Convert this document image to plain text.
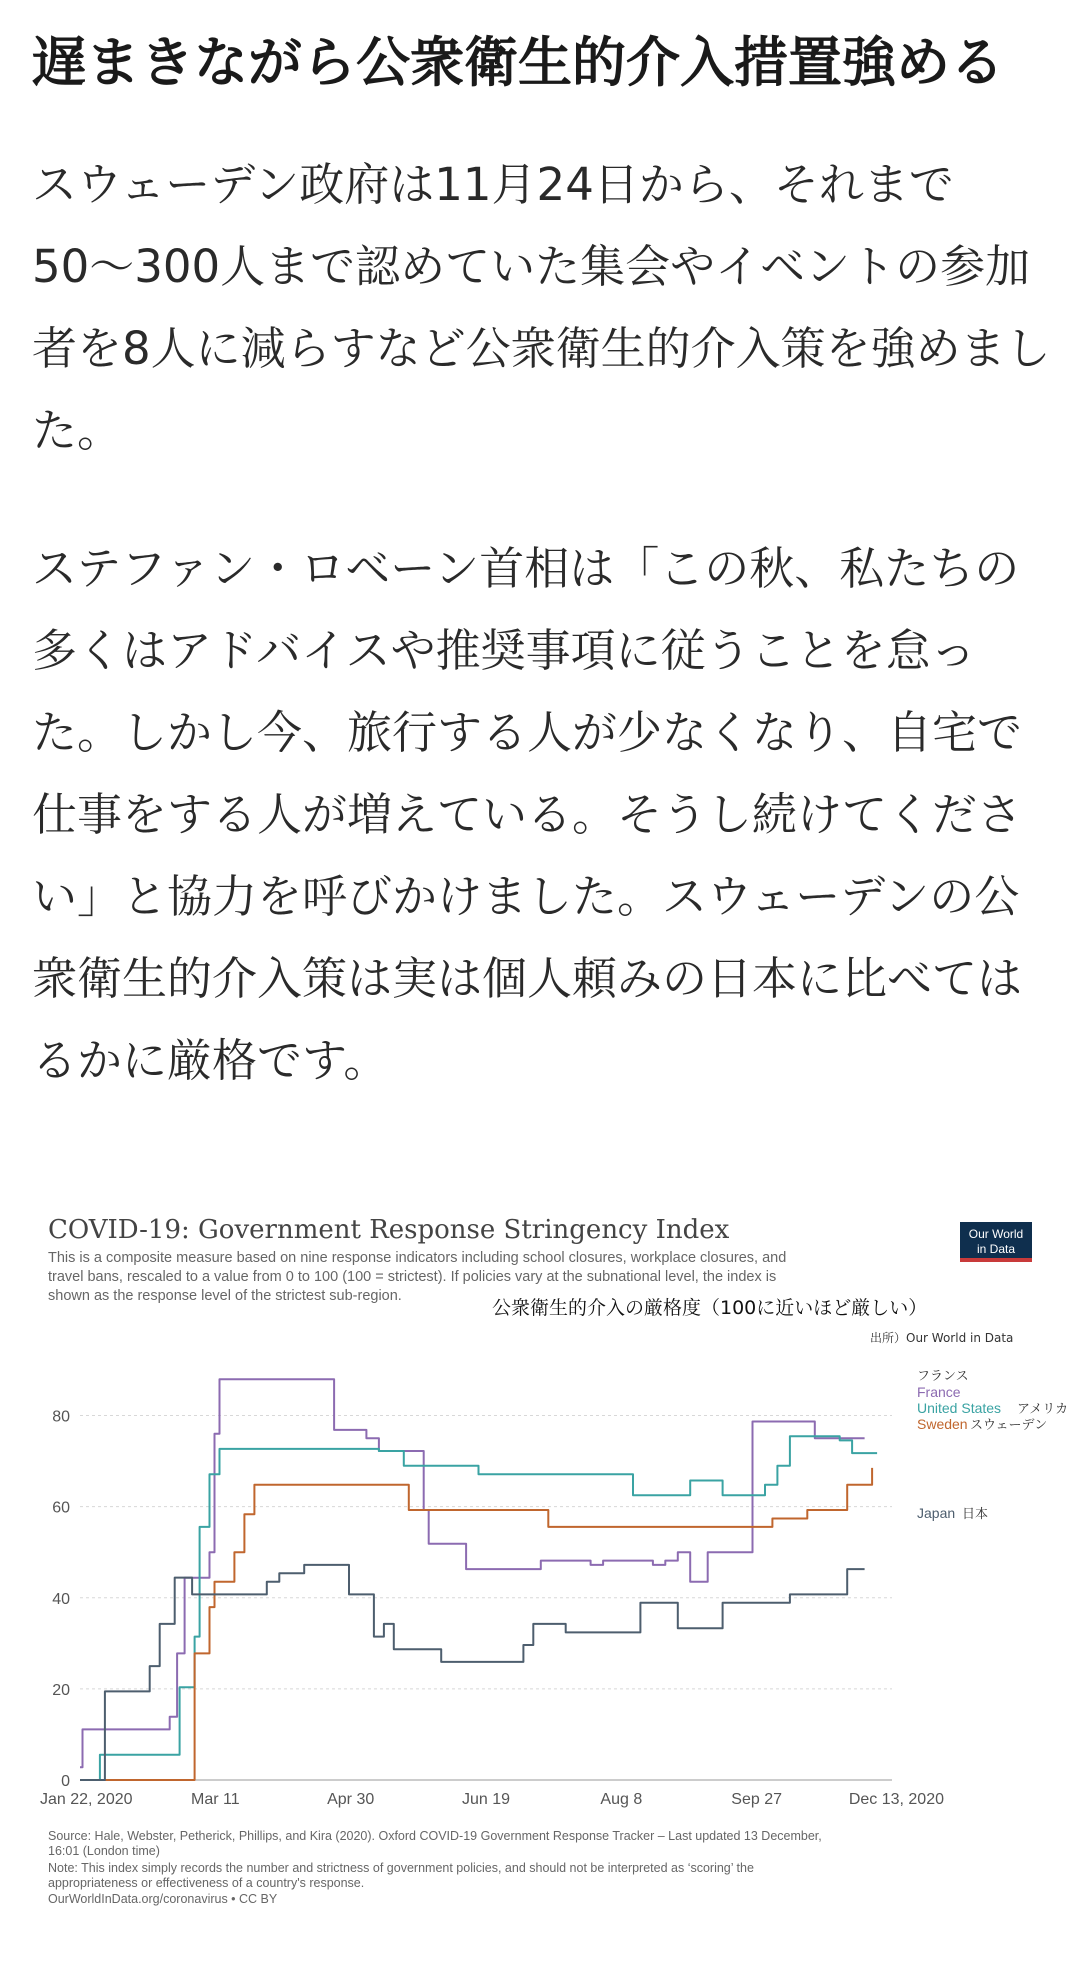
遅まきながら公衆衛生的介入措置強める

スウェーデン政府は11月24日から、それまで50〜300人まで認めていた集会やイベントの参加者を8人に減らすなど公衆衛生的介入策を強めました。

ステファン・ロベーン首相は「この秋、私たちの多くはアドバイスや推奨事項に従うことを怠った。しかし今、旅行する人が少なくなり、自宅で仕事をする人が増えている。そうし続けてください」と協力を呼びかけました。スウェーデンの公衆衛生的介入策は実は個人頼みの日本に比べてはるかに厳格です。

COVID-19: Government Response Stringency Index
This is a composite measure based on nine response indicators including school closures, workplace closures, and
travel bans, rescaled to a value from 0 to 100 (100 = strictest). If policies vary at the subnational level, the index is
shown as the response level of the strictest sub-region.
公衆衛生的介入の厳格度（100に近いほど厳しい）
出所）Our World in Data
Our World
in Data
0
20
40
60
80
Jan 22, 2020	Mar 11	Apr 30	Jun 19	Aug 8	Sep 27	Dec 13, 2020
フランス
France
United States アメリカ
Sweden スウェーデン
Japan 日本
Source: Hale, Webster, Petherick, Phillips, and Kira (2020). Oxford COVID-19 Government Response Tracker – Last updated 13 December,
16:01 (London time)
Note: This index simply records the number and strictness of government policies, and should not be interpreted as ‘scoring’ the
appropriateness or effectiveness of a country's response.
OurWorldInData.org/coronavirus • CC BY
